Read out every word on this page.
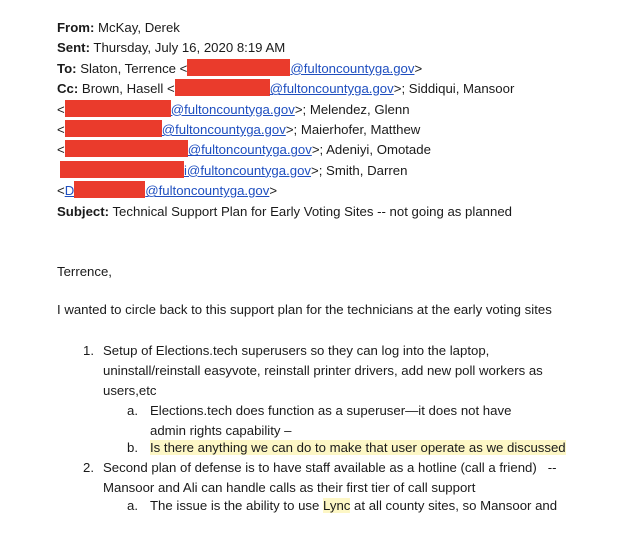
From: McKay, Derek
Sent: Thursday, July 16, 2020 8:19 AM
To: Slaton, Terrence <	@fultoncountyga.gov>
Cc: Brown, Hasell <	@fultoncountyga.gov>; Siddiqui, Mansoor
<	@fultoncountyga.gov>; Melendez, Glenn
<	@fultoncountyga.gov>; Maierhofer, Matthew
<	@fultoncountyga.gov>; Adeniyi, Omotade
i@fultoncountyga.gov>; Smith, Darren
<D	@fultoncountyga.gov>
Subject: Technical Support Plan for Early Voting Sites -- not going as planned
Terrence,
I wanted to circle back to this support plan for the technicians at the early voting sites
1. Setup of Elections.tech superusers so they can log into the laptop, uninstall/reinstall easyvote, reinstall printer drivers, add new poll workers as users,etc
a. Elections.tech does function as a superuser—it does not have admin rights capability –
b. Is there anything we can do to make that user operate as we discussed
2. Second plan of defense is to have staff available as a hotline (call a friend)   -- Mansoor and Ali can handle calls as their first tier of call support
a. The issue is the ability to use Lync at all county sites, so Mansoor and
